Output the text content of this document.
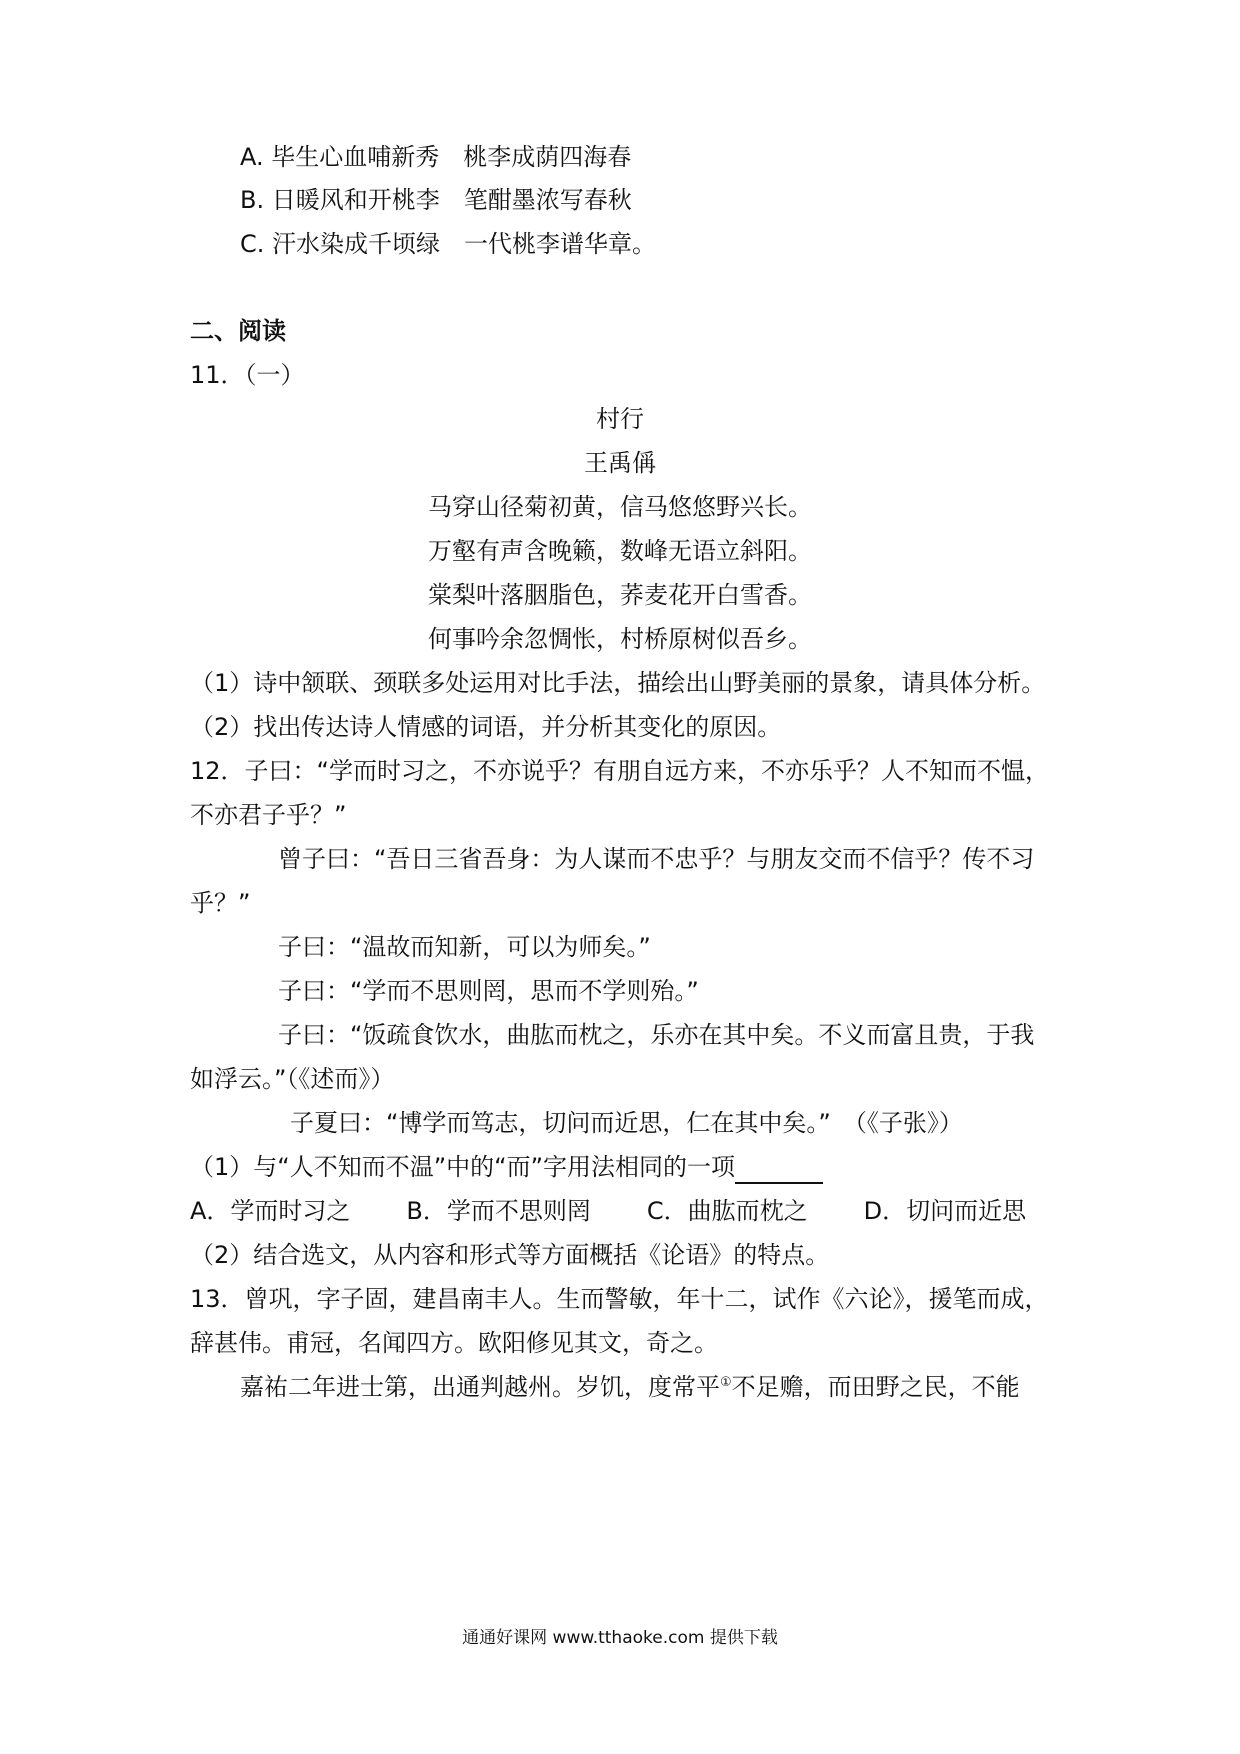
A. 毕生心血哺新秀　桃李成荫四海春
B. 日暖风和开桃李　笔酣墨浓写春秋
C. 汗水染成千顷绿　一代桃李谱华章。
二、阅读
11．（一）
村行
王禹偁
马穿山径菊初黄，信马悠悠野兴长。
万壑有声含晚籁，数峰无语立斜阳。
棠梨叶落胭脂色，荞麦花开白雪香。
何事吟余忽惆怅，村桥原树似吾乡。
（1）诗中颔联、颈联多处运用对比手法，描绘出山野美丽的景象，请具体分析。
（2）找出传达诗人情感的词语，并分析其变化的原因。
12．子曰：“学而时习之，不亦说乎？有朋自远方来，不亦乐乎？人不知而不愠，
不亦君子乎？”
曾子曰：“吾日三省吾身：为人谋而不忠乎？与朋友交而不信乎？传不习
乎？”
子曰：“温故而知新，可以为师矣。”
子曰：“学而不思则罔，思而不学则殆。”
子曰：“饭疏食饮水，曲肱而枕之，乐亦在其中矣。不义而富且贵，于我
如浮云。”（《述而》）
子夏曰：“博学而笃志，切问而近思，仁在其中矣。”　（《子张》）
（1）与“人不知而不温”中的“而”字用法相同的一项
A．学而时习之 B．学而不思则罔 C．曲肱而枕之 D．切问而近思
（2）结合选文，从内容和形式等方面概括《论语》的特点。
13．曾巩，字子固，建昌南丰人。生而警敏，年十二，试作《六论》，援笔而成，
辞甚伟。甫冠，名闻四方。欧阳修见其文，奇之。
嘉祐二年进士第，出通判越州。岁饥，度常平①不足赡，而田野之民，不能
通通好课网 www.tthaoke.com 提供下载
